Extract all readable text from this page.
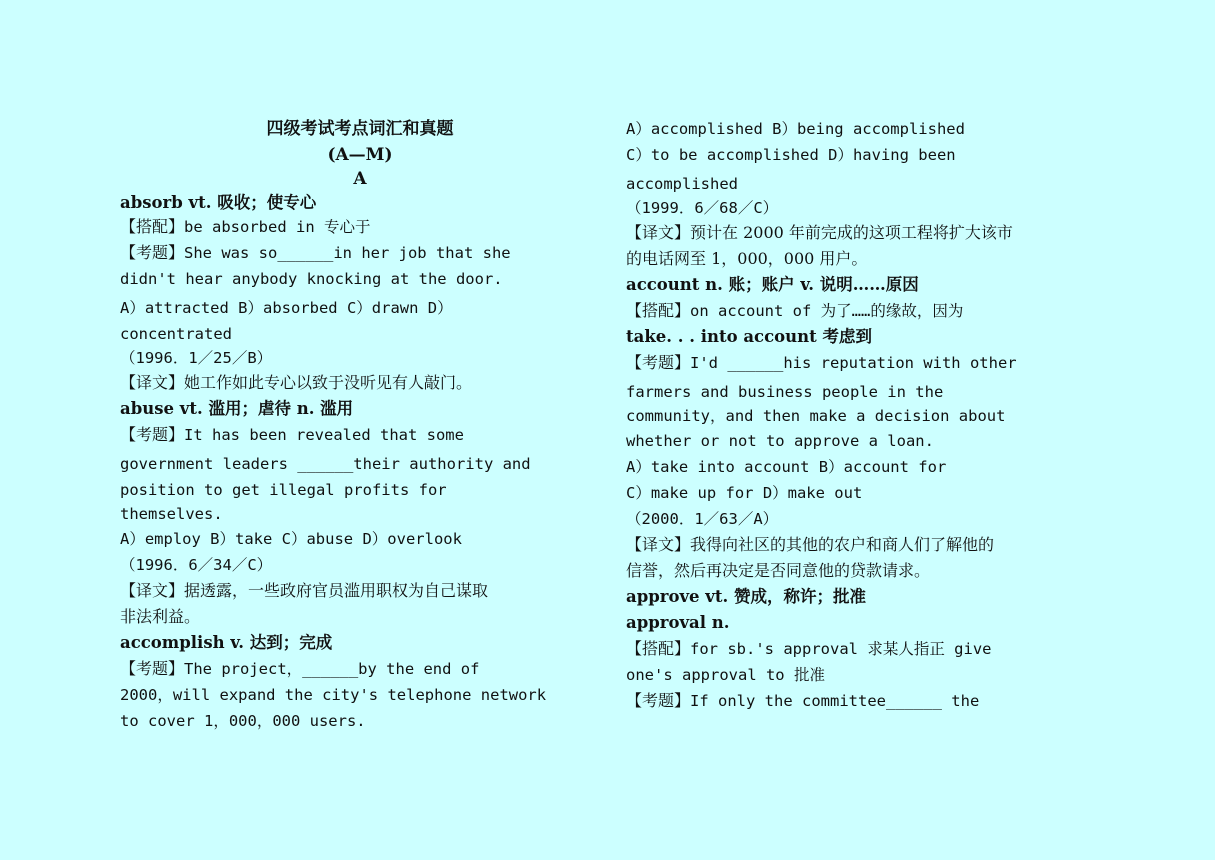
四级考试考点词汇和真题
(A—M)
A
absorb vt. 吸收；使专心
【搭配】be absorbed in 专心于
【考题】She was so______in her job that she
didn't hear anybody knocking at the door.
A）attracted B）absorbed C）drawn D）
concentrated
（1996．1／25／B）
【译文】她工作如此专心以致于没听见有人敲门。
abuse vt. 滥用；虐待 n. 滥用
【考题】It has been revealed that some
government leaders ______their authority and
position to get illegal profits for
themselves.
A）employ B）take C）abuse D）overlook
（1996．6／34／C）
【译文】据透露，一些政府官员滥用职权为自己谋取
非法利益。
accomplish v. 达到；完成
【考题】The project，______by the end of
2000，will expand the city's telephone network
to cover 1，000，000 users.
A）accomplished B）being accomplished
C）to be accomplished D）having been
accomplished
（1999．6／68／C）
【译文】预计在 2000 年前完成的这项工程将扩大该市
的电话网至 1，000，000 用户。
account n. 账；账户 v. 说明……原因
【搭配】on account of 为了……的缘故，因为
take. . . into account 考虑到
【考题】I'd ______his reputation with other
farmers and business people in the
community，and then make a decision about
whether or not to approve a loan.
A）take into account B）account for
C）make up for D）make out
（2000．1／63／A）
【译文】我得向社区的其他的农户和商人们了解他的
信誉，然后再决定是否同意他的贷款请求。
approve vt. 赞成，称许；批准
approval n.
【搭配】for sb.'s approval 求某人指正 give
one's approval to 批准
【考题】If only the committee______ the
